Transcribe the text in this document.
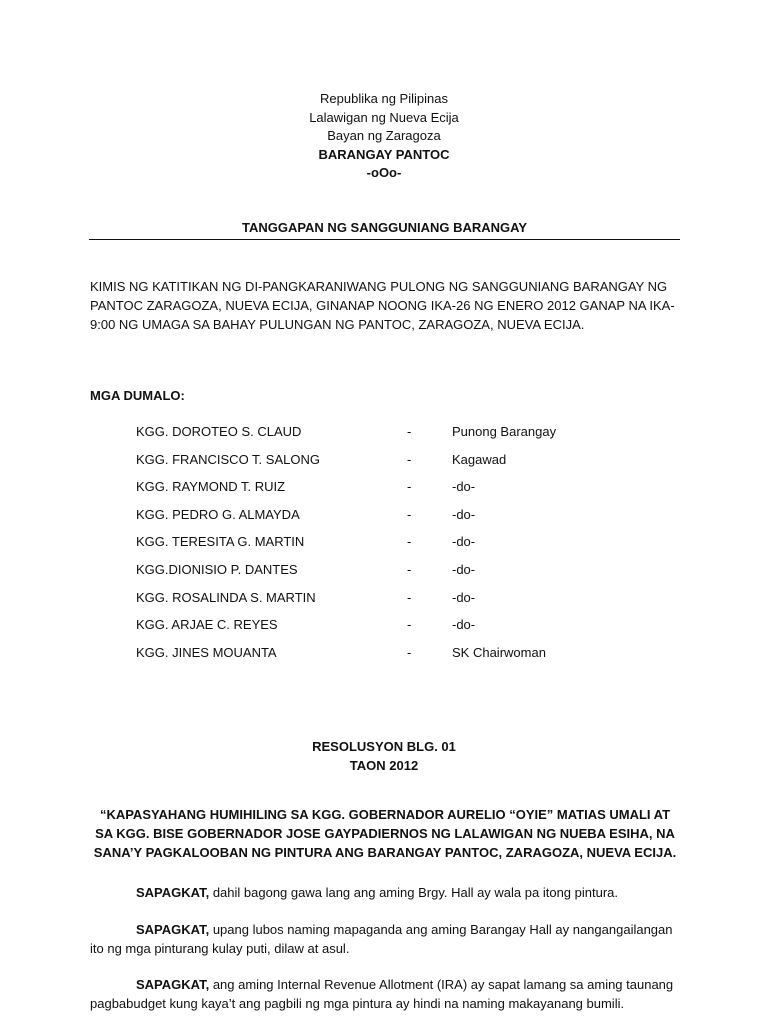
Republika ng Pilipinas
Lalawigan ng Nueva Ecija
Bayan ng Zaragoza
BARANGAY PANTOC
-oOo-
TANGGAPAN NG SANGGUNIANG BARANGAY
KIMIS NG KATITIKAN NG DI-PANGKARANIWANG PULONG NG SANGGUNIANG BARANGAY NG PANTOC ZARAGOZA, NUEVA ECIJA, GINANAP NOONG IKA-26 NG ENERO 2012 GANAP NA IKA-9:00 NG UMAGA SA BAHAY PULUNGAN NG PANTOC, ZARAGOZA, NUEVA ECIJA.
MGA DUMALO:
KGG. DOROTEO S. CLAUD	-	Punong Barangay
KGG. FRANCISCO T. SALONG	-	Kagawad
KGG. RAYMOND T. RUIZ	-	-do-
KGG. PEDRO G. ALMAYDA	-	-do-
KGG. TERESITA G. MARTIN	-	-do-
KGG.DIONISIO P. DANTES	-	-do-
KGG. ROSALINDA S. MARTIN	-	-do-
KGG. ARJAE C. REYES	-	-do-
KGG. JINES MOUANTA	-	SK Chairwoman
RESOLUSYON BLG. 01
TAON 2012
“KAPASYAHANG HUMIHILING SA KGG. GOBERNADOR AURELIO “OYIE” MATIAS UMALI AT SA KGG. BISE GOBERNADOR JOSE GAYPADIERNOS NG LALAWIGAN NG NUEBA ESIHA, NA SANA’Y PAGKALOOBAN NG PINTURA ANG BARANGAY PANTOC, ZARAGOZA, NUEVA ECIJA.
SAPAGKAT, dahil bagong gawa lang ang aming Brgy. Hall ay wala pa itong pintura.
SAPAGKAT, upang lubos naming mapaganda ang aming Barangay Hall ay nangangailangan ito ng mga pinturang kulay puti, dilaw at asul.
SAPAGKAT, ang aming Internal Revenue Allotment (IRA) ay sapat lamang sa aming taunang pagbabudget kung kaya’t ang pagbili ng mga pintura ay hindi na naming makayanang bumili.
